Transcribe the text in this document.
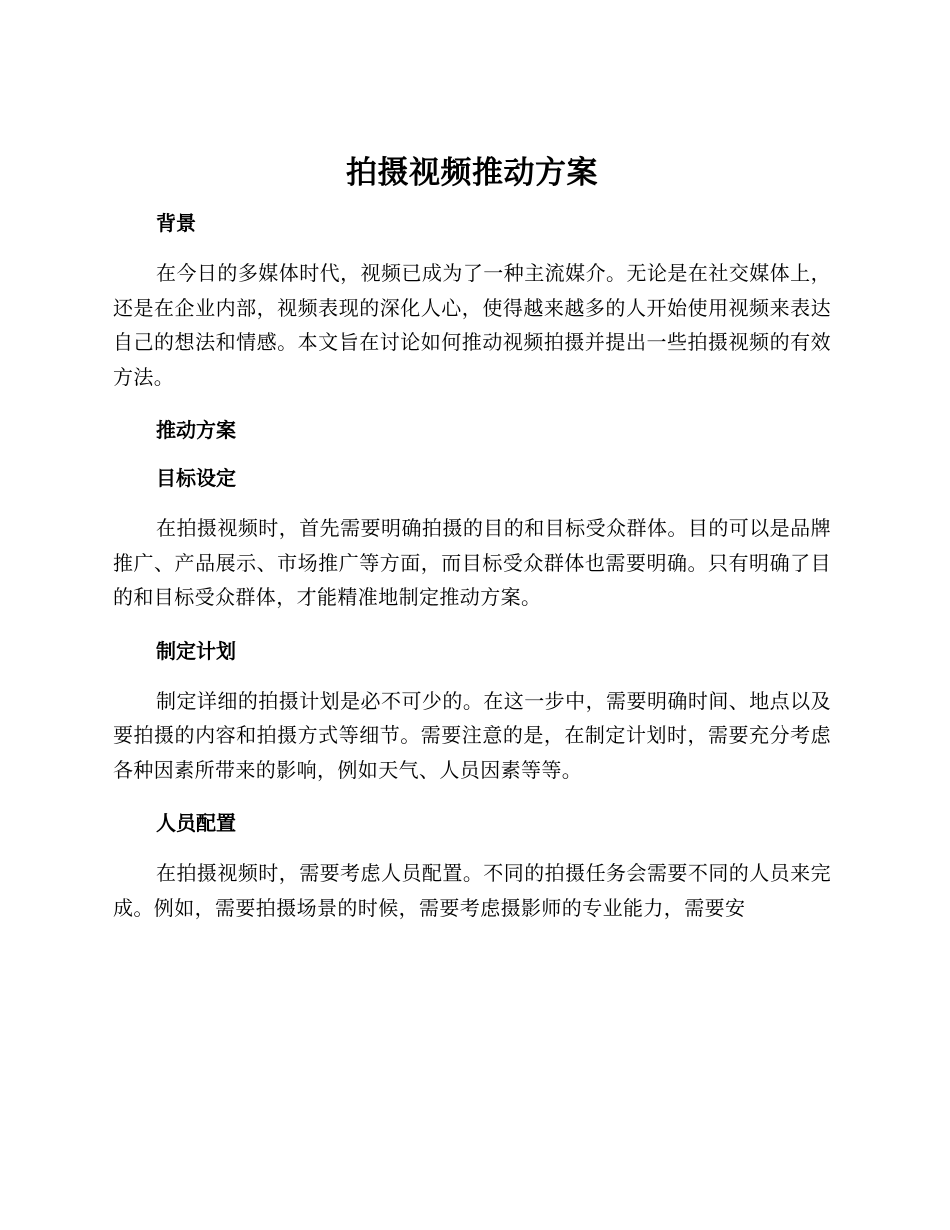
拍摄视频推动方案
背景

在今日的多媒体时代，视频已成为了一种主流媒介。无论是在社交媒体上，还是在企业内部，视频表现的深化人心，使得越来越多的人开始使用视频来表达自己的想法和情感。本文旨在讨论如何推动视频拍摄并提出一些拍摄视频的有效方法。

推动方案
目标设定

在拍摄视频时，首先需要明确拍摄的目的和目标受众群体。目的可以是品牌推广、产品展示、市场推广等方面，而目标受众群体也需要明确。只有明确了目的和目标受众群体，才能精准地制定推动方案。

制定计划

制定详细的拍摄计划是必不可少的。在这一步中，需要明确时间、地点以及要拍摄的内容和拍摄方式等细节。需要注意的是，在制定计划时，需要充分考虑各种因素所带来的影响，例如天气、人员因素等等。

人员配置

在拍摄视频时，需要考虑人员配置。不同的拍摄任务会需要不同的人员来完成。例如，需要拍摄场景的时候，需要考虑摄影师的专业能力，需要安
